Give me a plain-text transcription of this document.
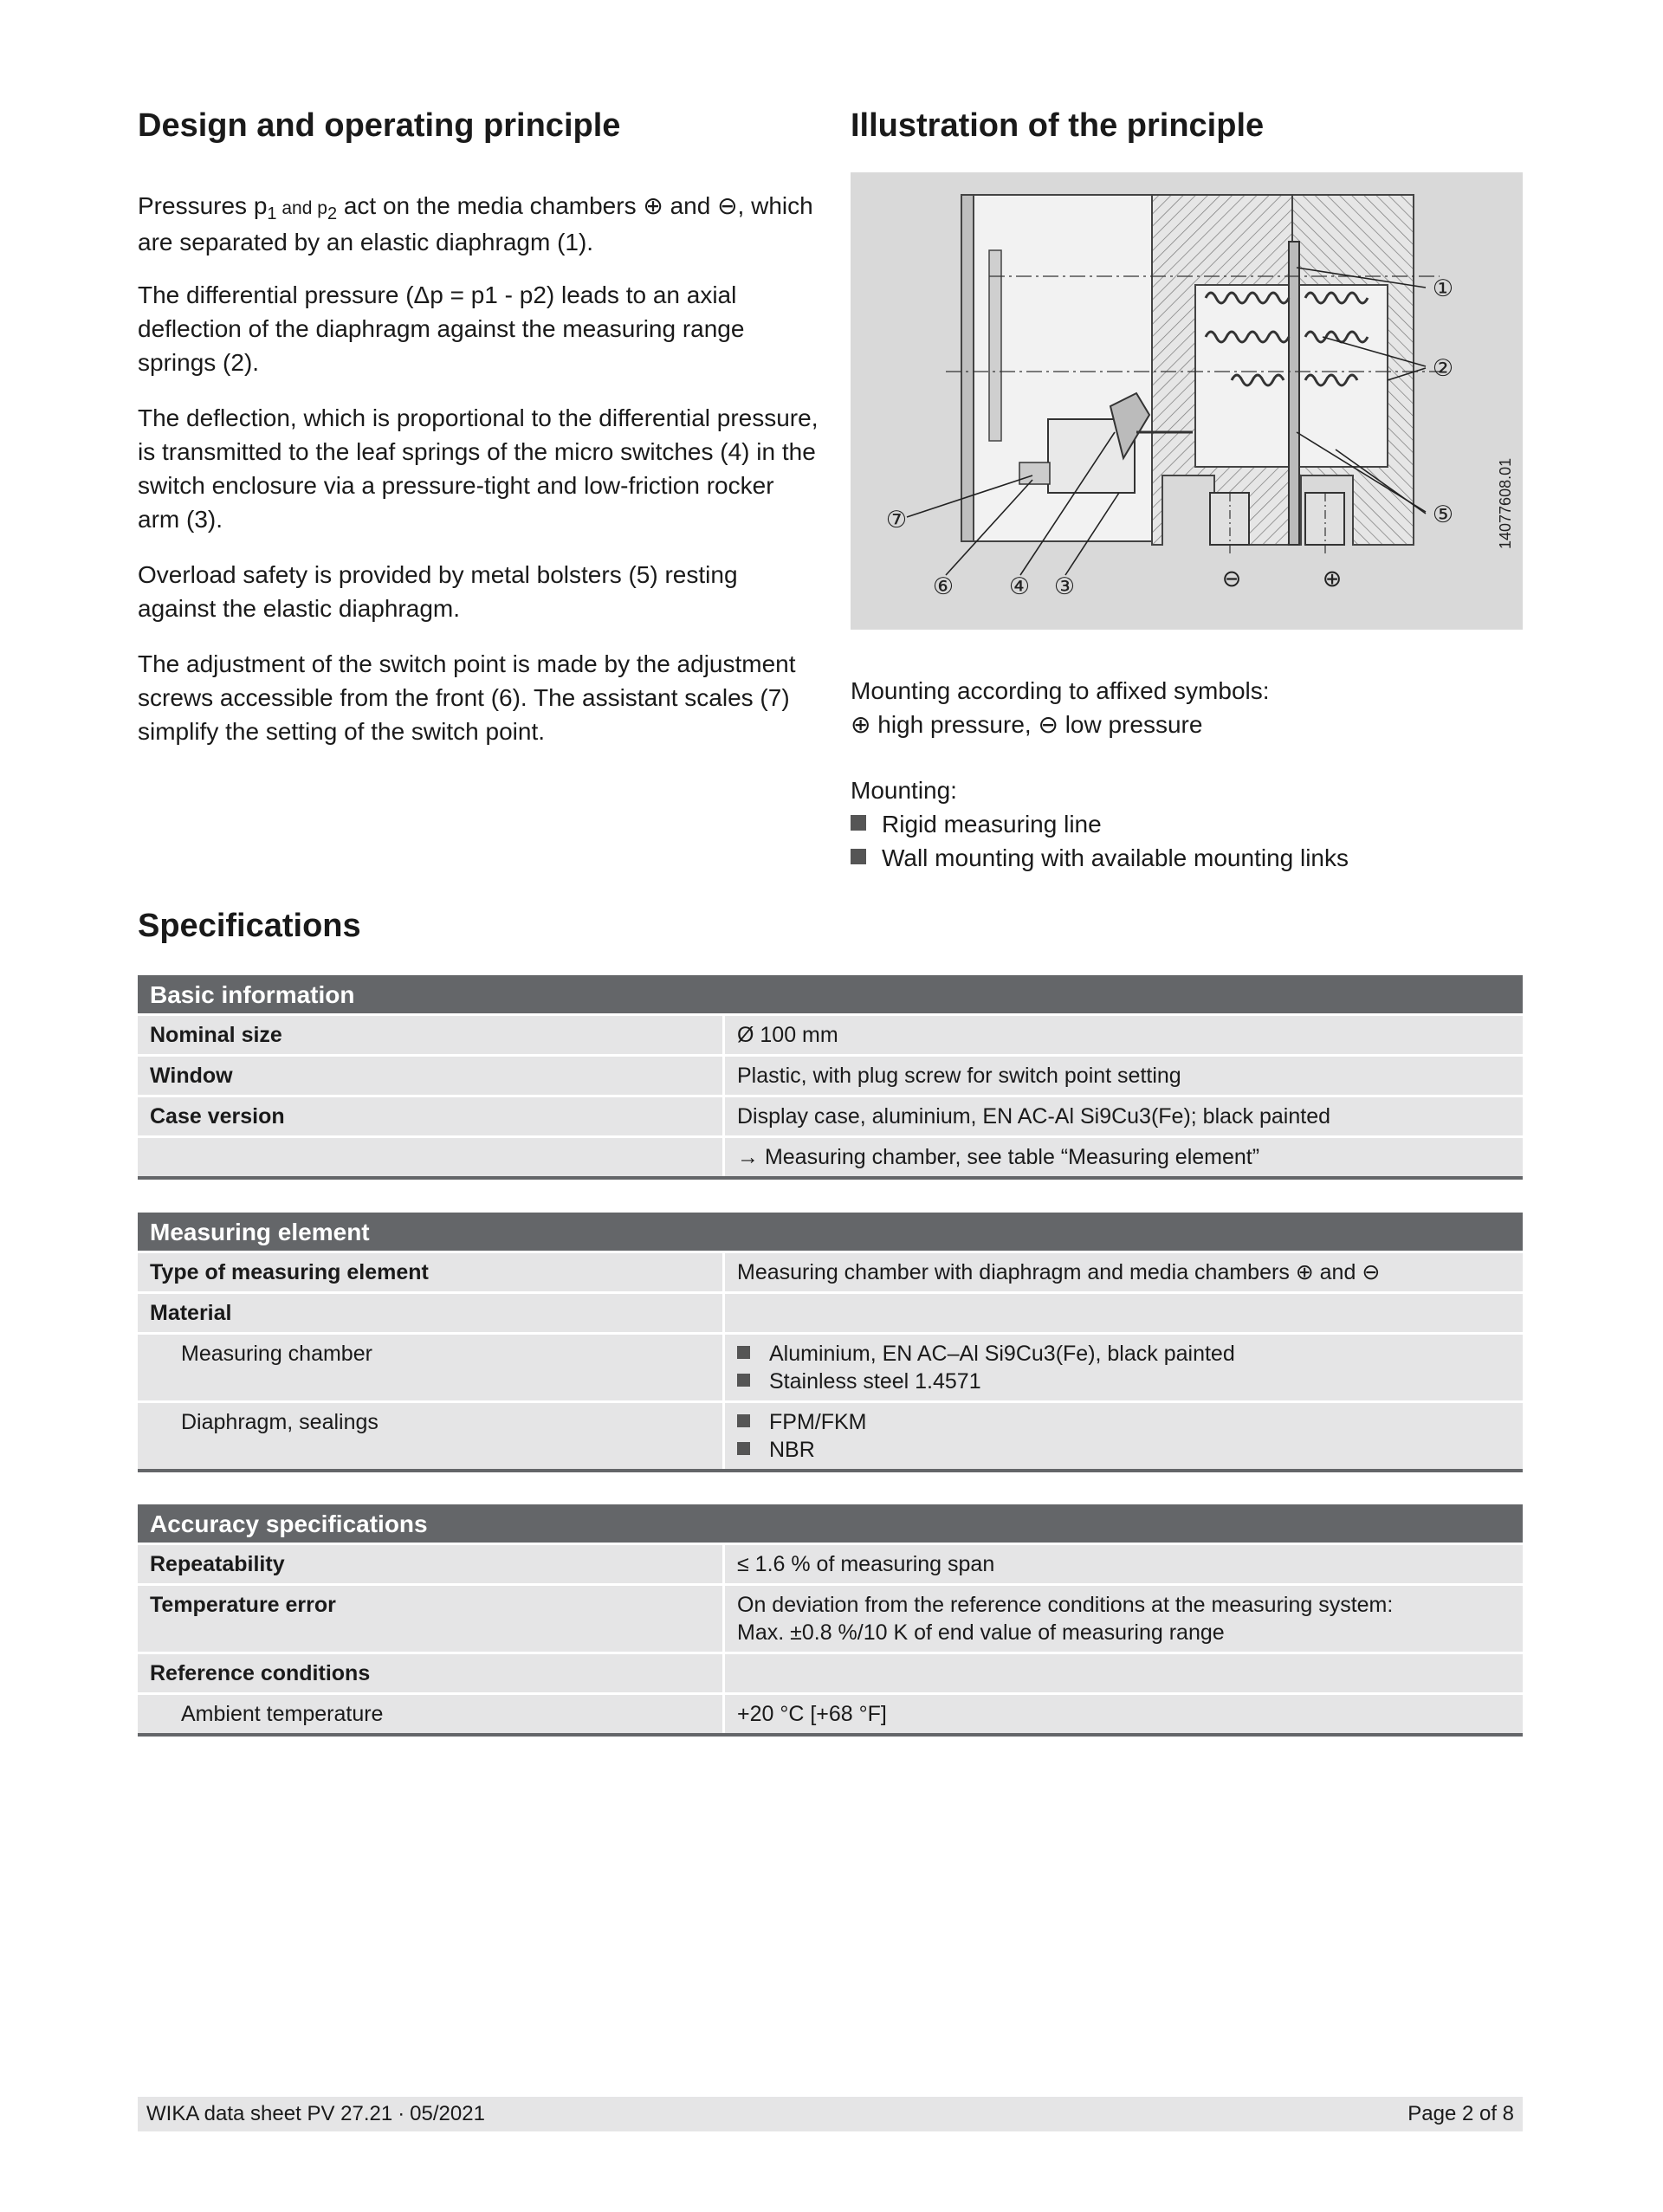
Design and operating principle

Pressures $p_1$ and $p_2$ act on the media chambers ⊕ and ⊖, which are separated by an elastic diaphragm (1).

The differential pressure (Δp = p1 - p2) leads to an axial deflection of the diaphragm against the measuring range springs (2).

The deflection, which is proportional to the differential pressure, is transmitted to the leaf springs of the micro switches (4) in the switch enclosure via a pressure-tight and low-friction rocker arm (3).

Overload safety is provided by metal bolsters (5) resting against the elastic diaphragm.

The adjustment of the switch point is made by the adjustment screws accessible from the front (6). The assistant scales (7) simplify the setting of the switch point.

Illustration of the principle
①
②
⑤
⑦
⑥ ④ ③	⊖	⊕
14077608.01
Mounting according to affixed symbols:
⊕ high pressure, ⊖ low pressure
Mounting:
Rigid measuring line
Wall mounting with available mounting links
Specifications
Basic information
Nominal size	Ø 100 mm
Window	Plastic, with plug screw for switch point setting
Case version	Display case, aluminium, EN AC-Al Si9Cu3(Fe); black painted
→ Measuring chamber, see table “Measuring element”
Measuring element
Type of measuring element	Measuring chamber with diaphragm and media chambers ⊕ and ⊖
Material
Measuring chamber	Aluminium, EN AC–Al Si9Cu3(Fe), black painted
Stainless steel 1.4571
Diaphragm, sealings	FPM/FKM
NBR
Accuracy specifications
Repeatability	≤ 1.6 % of measuring span
Temperature error	On deviation from the reference conditions at the measuring system:
Max. ±0.8 %/10 K of end value of measuring range
Reference conditions
Ambient temperature	+20 °C [+68 °F]
WIKA data sheet PV 27.21 ∙ 05/2021	Page 2 of 8
